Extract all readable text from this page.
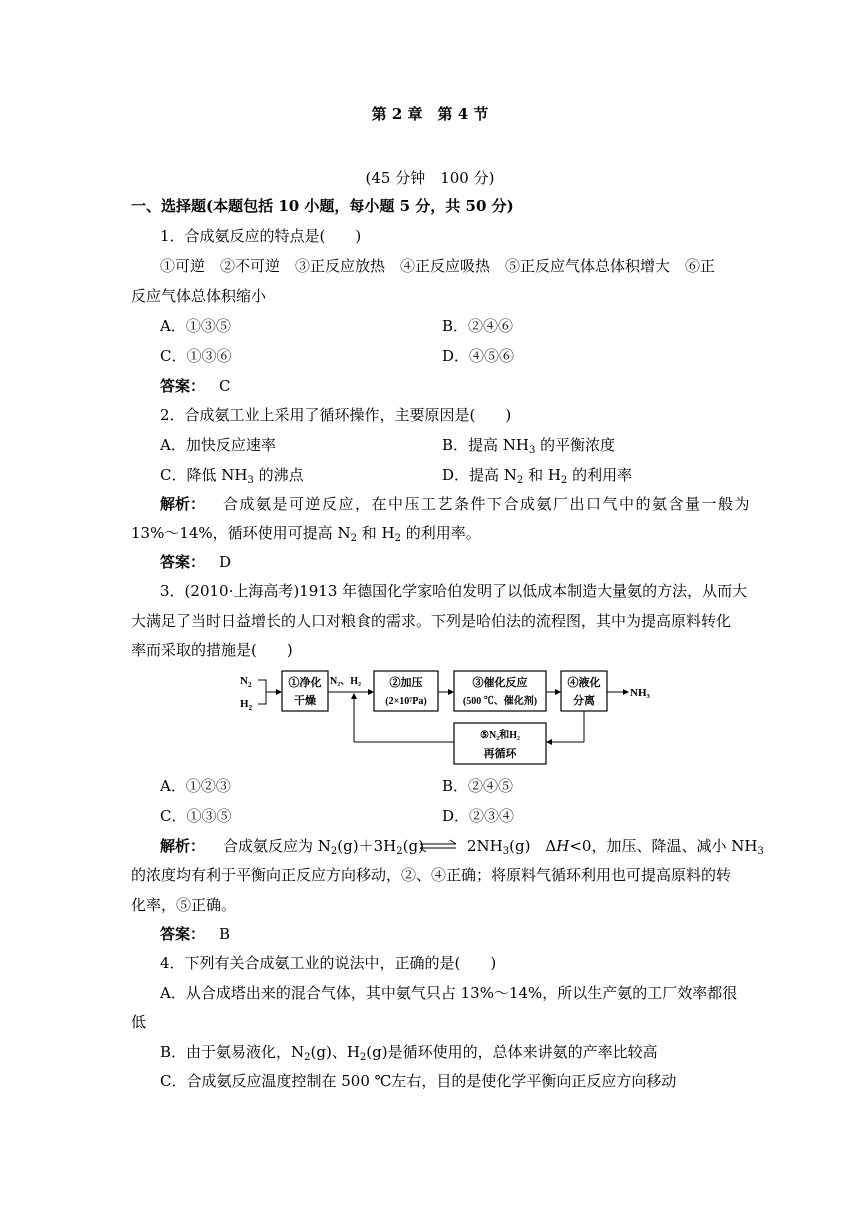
第 2 章　第 4 节
(45 分钟　100 分)
一、选择题(本题包括 10 小题，每小题 5 分，共 50 分)
1．合成氨反应的特点是(　　)
①可逆　②不可逆　③正反应放热　④正反应吸热　⑤正反应气体总体积增大　⑥正
反应气体总体积缩小
A．①③⑤	B．②④⑥
C．①③⑥	D．④⑤⑥
答案： C
2．合成氨工业上采用了循环操作，主要原因是(　　)
A．加快反应速率	B．提高 $NH_3$ 的平衡浓度
C．降低 $NH_3$ 的沸点	D．提高 $N_2$ 和 $H_2$ 的利用率
解析： 合成氨是可逆反应，在中压工艺条件下合成氨厂出口气中的氨含量一般为
13%～14%，循环使用可提高 $N_2$ 和 $H_2$ 的利用率。
答案： D
3．(2010·上海高考)1913 年德国化学家哈伯发明了以低成本制造大量氨的方法，从而大
大满足了当时日益增长的人口对粮食的需求。下列是哈伯法的流程图，其中为提高原料转化
率而采取的措施是(　　)
$N_2$
$H_2$
①净化
干燥
N₂、H₂	②加压
(2×10⁷Pa)
③催化反应
(500 ℃、催化剂)
④液化
分离
NH₃
⑤N₂和H₂
再循环
A．①②③	B．②④⑤
C．①③⑤	D．②③④
解析： 合成氨反应为 $N_2(g)+3H_2(g)$ ⇌ $2NH_3(g)$　ΔH<0，加压、降温、减小 $NH_3$
的浓度均有利于平衡向正反应方向移动，②、④正确；将原料气循环利用也可提高原料的转
化率，⑤正确。
答案： B
4．下列有关合成氨工业的说法中，正确的是(　　)
A．从合成塔出来的混合气体，其中氨气只占 13%～14%，所以生产氨的工厂效率都很
低
B．由于氨易液化，$N_2(g)$、$H_2(g)$是循环使用的，总体来讲氨的产率比较高
C．合成氨反应温度控制在 500 ℃左右，目的是使化学平衡向正反应方向移动
